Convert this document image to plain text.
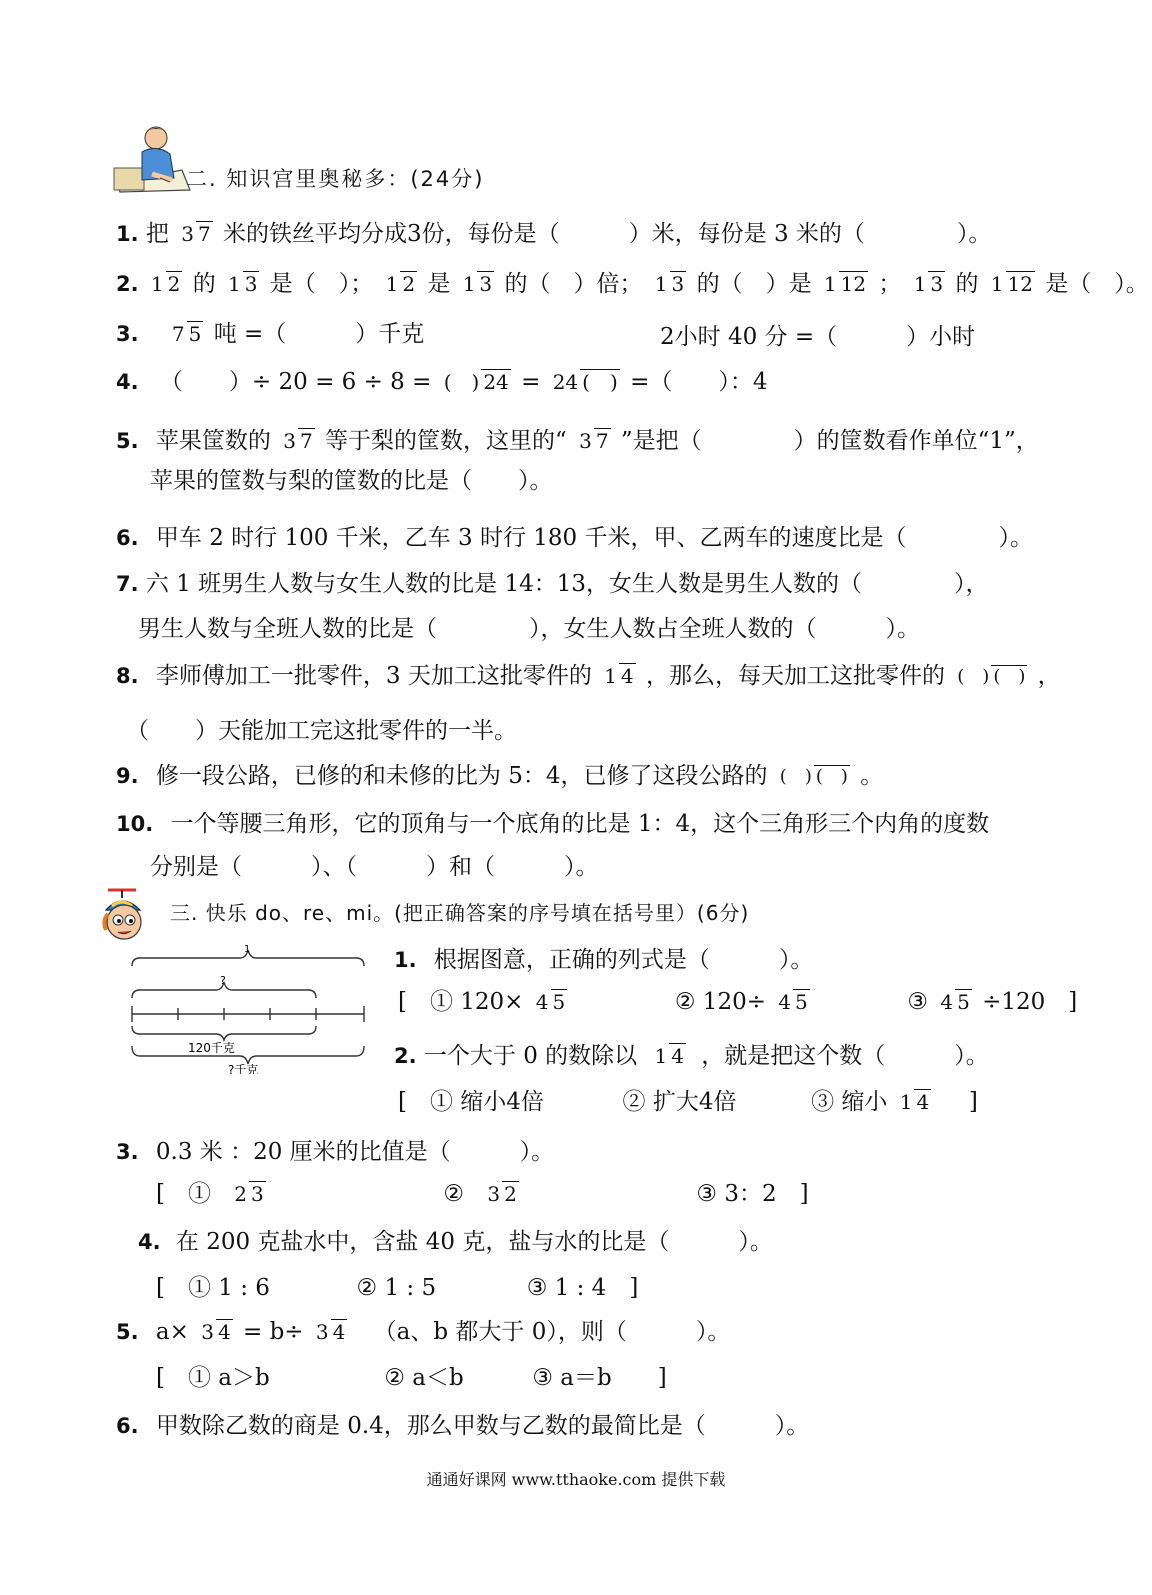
二. 知识宫里奥秘多：(24分)
1. 把 3 7 米的铁丝平均分成3份，每份是（　　　）米，每份是 3 米的（　　　　）。
2. 1 2 的 1 3 是（　）； 1 2 是 1 3 的（　）倍； 1 3 的（　）是 1 12 ； 1 3 的 1 12 是（　）。
3. 7 5 吨 =（　　　）千克	2小时 40 分 =（　　　）小时
4. （　　）÷ 20 = 6 ÷ 8 = (　) 24 = 24 (　) =（　　）：4
5. 苹果筐数的 3 7 等于梨的筐数，这里的“ 3 7 ”是把（　　　　）的筐数看作单位“1”，
苹果的筐数与梨的筐数的比是（　　）。
6. 甲车 2 时行 100 千米，乙车 3 时行 180 千米，甲、乙两车的速度比是（　　　　）。
7. 六 1 班男生人数与女生人数的比是 14：13，女生人数是男生人数的（　　　　），
男生人数与全班人数的比是（　　　　），女生人数占全班人数的（　　　）。
8. 李师傅加工一批零件，3 天加工这批零件的 1 4 ，那么，每天加工这批零件的 (　) (　) ，
（　　）天能加工完这批零件的一半。
9. 修一段公路，已修的和未修的比为 5：4，已修了这段公路的 (　) (　) 。
10. 一个等腰三角形，它的顶角与一个底角的比是 1：4，这个三角形三个内角的度数
分别是（　　　）、（　　　）和（　　　）。
三. 快乐 do、re、mi。(把正确答案的序号填在括号里）(6分)
1
?
120千克
?千克
1. 根据图意，正确的列式是（　　　）。
[　① 120× 4 5	② 120÷ 4 5	③ 4 5 ÷120　]
2. 一个大于 0 的数除以 1 4 ，就是把这个数（　　　）。
[　① 缩小4倍	② 扩大4倍	③ 缩小 1 4 ]
3. 0.3 米 ：20 厘米的比值是（　　　）。
[　① 2 3	② 3 2	③ 3：2　]
4. 在 200 克盐水中，含盐 40 克，盐与水的比是（　　　）。
[　① 1 : 6	② 1 : 5	③ 1 : 4　]
5. a× 3 4 = b÷ 3 4 （a、b 都大于 0），则（　　　）。
[　① a＞b	② a＜b	③ a＝b　　]
6. 甲数除乙数的商是 0.4，那么甲数与乙数的最简比是（　　　）。
通通好课网 www.tthaoke.com 提供下载
